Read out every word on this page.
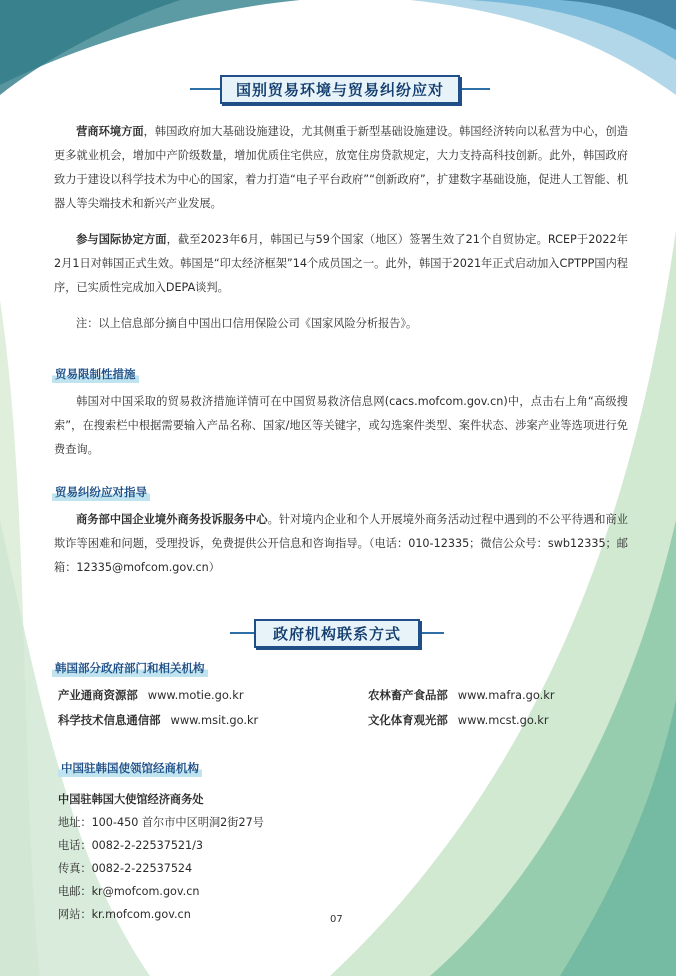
国别贸易环境与贸易纠纷应对
营商环境方面，韩国政府加大基础设施建设，尤其侧重于新型基础设施建设。韩国经济转向以私营为中心，创造更多就业机会，增加中产阶级数量，增加优质住宅供应，放宽住房贷款规定，大力支持高科技创新。此外，韩国政府致力于建设以科学技术为中心的国家，着力打造“电子平台政府”“创新政府”，扩建数字基础设施，促进人工智能、机器人等尖端技术和新兴产业发展。
参与国际协定方面，截至2023年6月，韩国已与59个国家（地区）签署生效了21个自贸协定。RCEP于2022年2月1日对韩国正式生效。韩国是“印太经济框架”14个成员国之一。此外，韩国于2021年正式启动加入CPTPP国内程序，已实质性完成加入DEPA谈判。
注：以上信息部分摘自中国出口信用保险公司《国家风险分析报告》。
贸易限制性措施
韩国对中国采取的贸易救济措施详情可在中国贸易救济信息网(cacs.mofcom.gov.cn)中，点击右上角“高级搜索”，在搜索栏中根据需要输入产品名称、国家/地区等关键字，或勾选案件类型、案件状态、涉案产业等选项进行免费查询。
贸易纠纷应对指导
商务部中国企业境外商务投诉服务中心。针对境内企业和个人开展境外商务活动过程中遇到的不公平待遇和商业欺诈等困难和问题，受理投诉，免费提供公开信息和咨询指导。（电话：010-12335；微信公众号：swb12335；邮箱：12335@mofcom.gov.cn）
政府机构联系方式
韩国部分政府部门和相关机构
产业通商资源部 www.motie.go.kr	农林畜产食品部 www.mafra.go.kr
科学技术信息通信部 www.msit.go.kr	文化体育观光部 www.mcst.go.kr
中国驻韩国使领馆经商机构
中国驻韩国大使馆经济商务处
地址：100-450 首尔市中区明洞2街27号
电话：0082-2-22537521/3
传真：0082-2-22537524
电邮：kr@mofcom.gov.cn
网站：kr.mofcom.gov.cn	07
